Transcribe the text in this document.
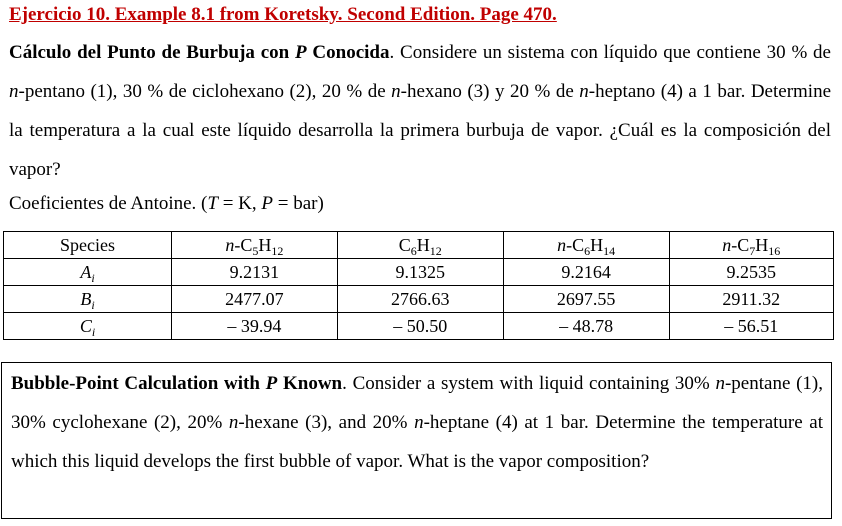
Ejercicio 10. Example 8.1 from Koretsky. Second Edition. Page 470.
Cálculo del Punto de Burbuja con P Conocida. Considere un sistema con líquido que contiene 30 % de n-pentano (1), 30 % de ciclohexano (2), 20 % de n-hexano (3) y 20 % de n-heptano (4) a 1 bar. Determine la temperatura a la cual este líquido desarrolla la primera burbuja de vapor. ¿Cuál es la composición del vapor?
Coeficientes de Antoine. (T = K, P = bar)
Species	$n-C_5H_{12}$	$C_6H_{12}$	$n-C_6H_{14}$	$n-C_7H_{16}$
$A_i$	9.2131	9.1325	9.2164	9.2535
$B_i$	2477.07	2766.63	2697.55	2911.32
$C_i$	– 39.94	– 50.50	– 48.78	– 56.51
Bubble-Point Calculation with P Known. Consider a system with liquid containing 30% n-pentane (1), 30% cyclohexane (2), 20% n-hexane (3), and 20% n-heptane (4) at 1 bar. Determine the temperature at which this liquid develops the first bubble of vapor. What is the vapor composition?
